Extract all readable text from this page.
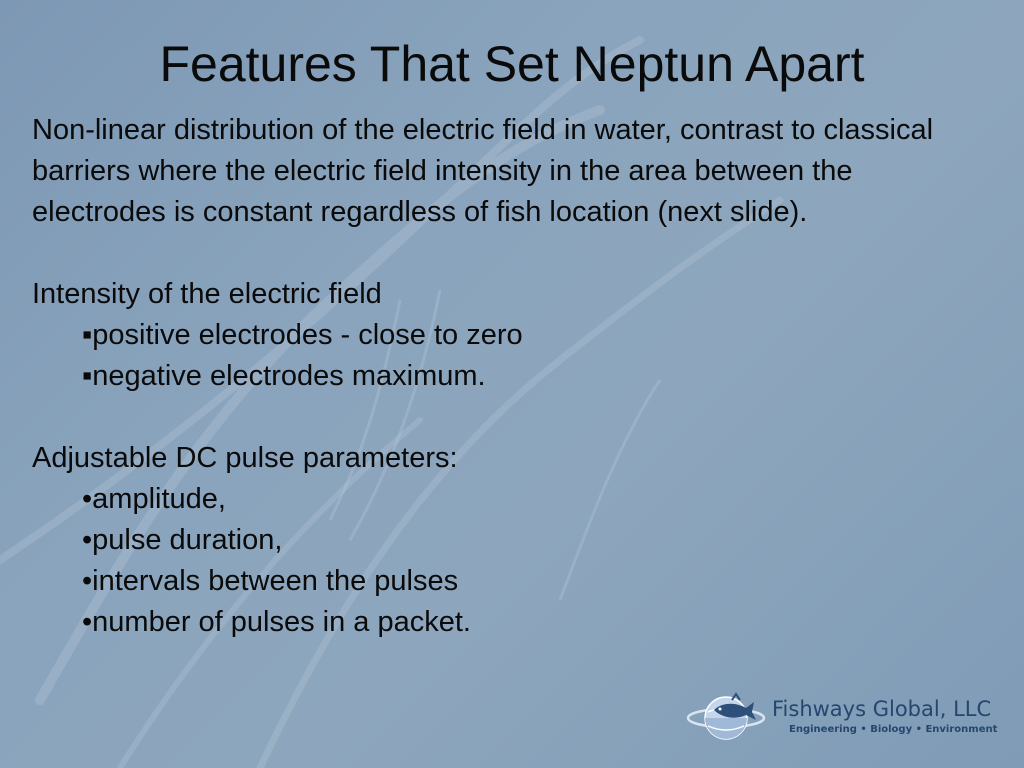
Features That Set Neptun Apart

Non-linear distribution of the electric field in water, contrast to classical barriers where the electric field intensity in the area between the electrodes is constant regardless of fish location (next slide).

Intensity of the electric field

▪positive electrodes - close to zero

▪negative electrodes maximum.

Adjustable DC pulse parameters:

•amplitude,

•pulse duration,

•intervals between the pulses

•number of pulses in a packet.

Fishways Global, LLC
Engineering • Biology • Environment
